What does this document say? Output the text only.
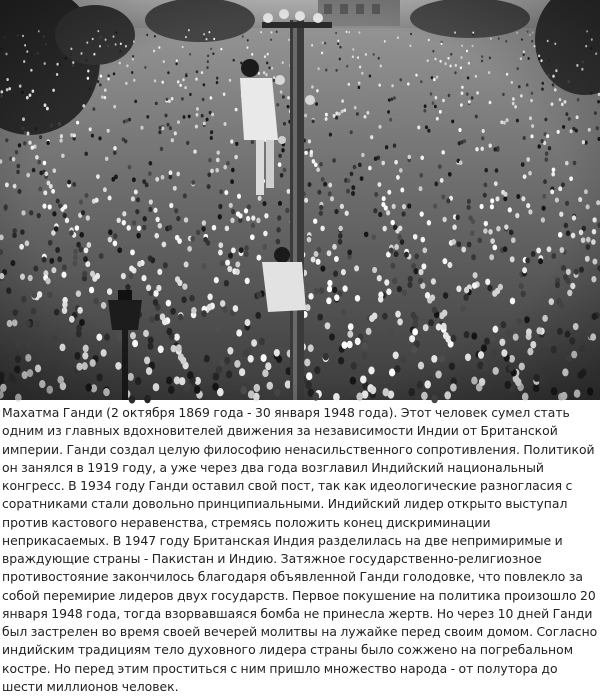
Махатма Ганди (2 октября 1869 года - 30 января 1948 года). Этот человек сумел стать одним из главных вдохновителей движения за независимости Индии от Британской империи. Ганди создал целую философию ненасильственного сопротивления. Политикой он занялся в 1919 году, а уже через два года возглавил Индийский национальный конгресс. В 1934 году Ганди оставил свой пост, так как идеологические разногласия с соратниками стали довольно принципиальными. Индийский лидер открыто выступал против кастового неравенства, стремясь положить конец дискриминации неприкасаемых. В 1947 году Британская Индия разделилась на две непримиримые и враждующие страны - Пакистан и Индию. Затяжное государственно-религиозное противостояние закончилось благодаря объявленной Ганди голодовке, что повлекло за собой перемирие лидеров двух государств. Первое покушение на политика произошло 20 января 1948 года, тогда взорвавшаяся бомба не принесла жертв. Но через 10 дней Ганди был застрелен во время своей вечерей молитвы на лужайке перед своим домом. Согласно индийским традициям тело духовного лидера страны было сожжено на погребальном костре. Но перед этим проститься с ним пришло множество народа - от полутора до шести миллионов человек.
